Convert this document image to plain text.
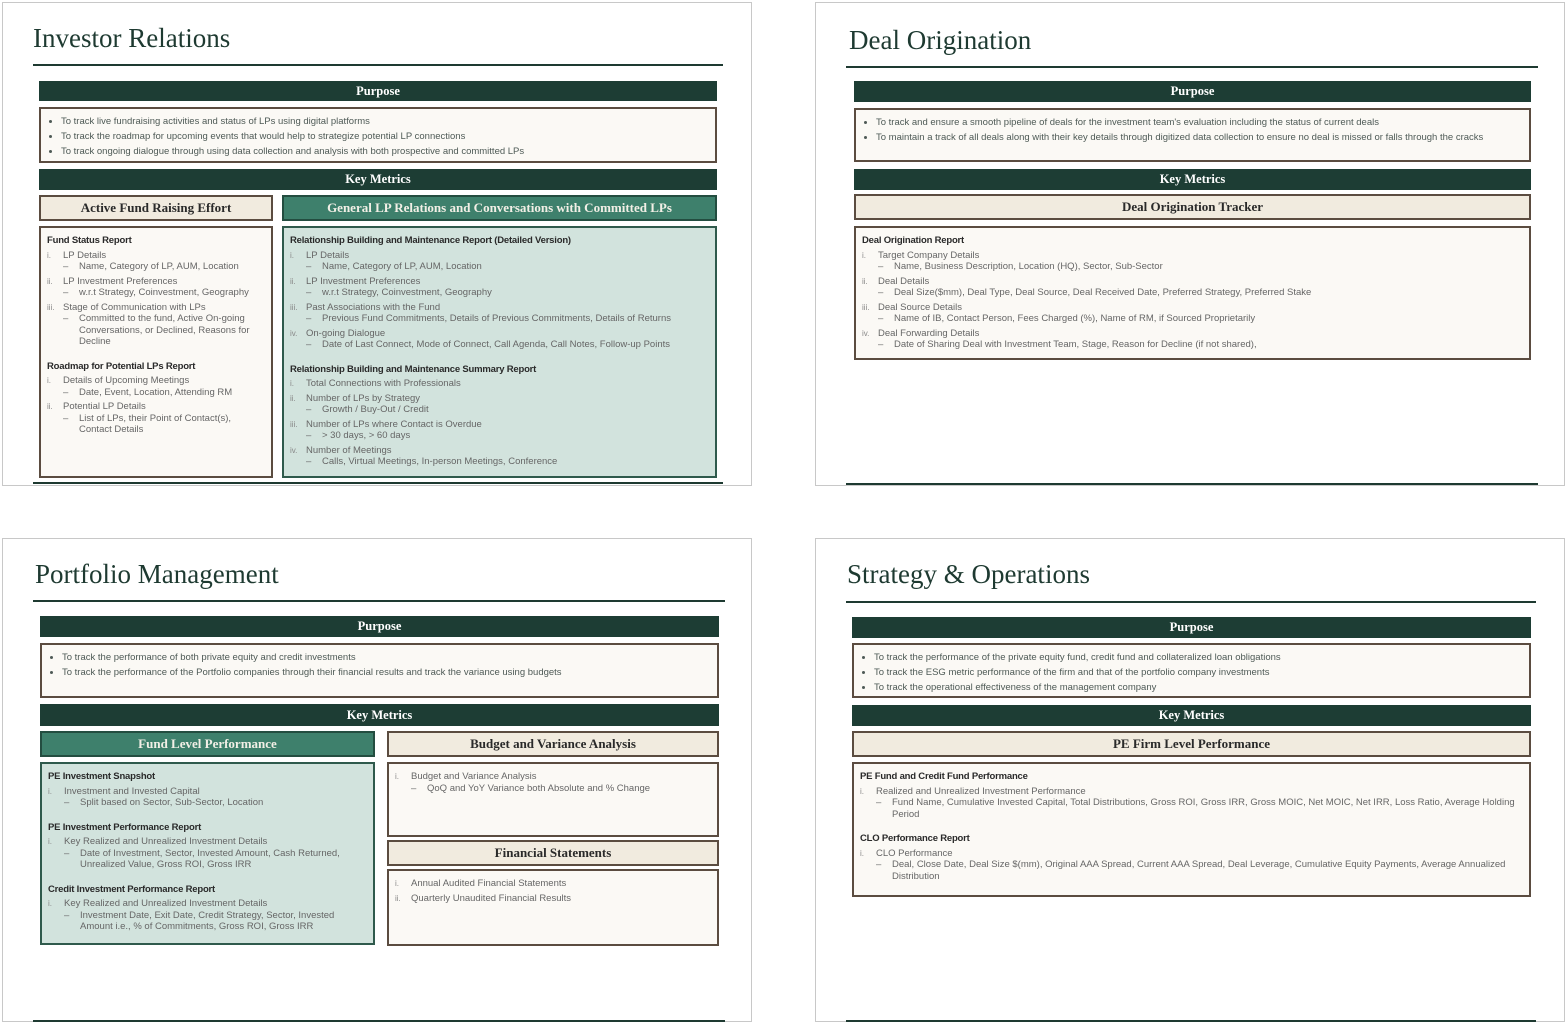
Investor Relations
Purpose
• To track live fundraising activities and status of LPs using digital platforms
• To track the roadmap for upcoming events that would help to strategize potential LP connections
• To track ongoing dialogue through using data collection and analysis with both prospective and committed LPs
Key Metrics
Active Fund Raising Effort
Fund Status Report
i.	LP Details
–	Name, Category of LP, AUM, Location
ii.	LP Investment Preferences
–	w.r.t Strategy, Coinvestment, Geography
iii. Stage of Communication with LPs
–	Committed to the fund, Active On-going Conversations, or Declined, Reasons for Decline
Roadmap for Potential LPs Report
i.	Details of Upcoming Meetings
–	Date, Event, Location, Attending RM
ii.	Potential LP Details
–	List of LPs, their Point of Contact(s), Contact Details
General LP Relations and Conversations with Committed LPs
Relationship Building and Maintenance Report (Detailed Version)
i.	LP Details
–	Name, Category of LP, AUM, Location
ii.	LP Investment Preferences
–	w.r.t Strategy, Coinvestment, Geography
iii. Past Associations with the Fund
–	Previous Fund Commitments, Details of Previous Commitments, Details of Returns
iv. On-going Dialogue
–	Date of Last Connect, Mode of Connect, Call Agenda, Call Notes, Follow-up Points
Relationship Building and Maintenance Summary Report
i.	Total Connections with Professionals
ii.	Number of LPs by Strategy
–	Growth / Buy-Out / Credit
iii. Number of LPs where Contact is Overdue
–	> 30 days, > 60 days
iv. Number of Meetings
–	Calls, Virtual Meetings, In-person Meetings, Conference
Deal Origination
Purpose
• To track and ensure a smooth pipeline of deals for the investment team's evaluation including the status of current deals
• To maintain a track of all deals along with their key details through digitized data collection to ensure no deal is missed or falls through the cracks
Key Metrics
Deal Origination Tracker
Deal Origination Report
i.	Target Company Details
–	Name, Business Description, Location (HQ), Sector, Sub-Sector
ii.	Deal Details
–	Deal Size($mm), Deal Type, Deal Source, Deal Received Date, Preferred Strategy, Preferred Stake
iii. Deal Source Details
–	Name of IB, Contact Person, Fees Charged (%), Name of RM, if Sourced Proprietarily
iv. Deal Forwarding Details
–	Date of Sharing Deal with Investment Team, Stage, Reason for Decline (if not shared),
Portfolio Management
Purpose
• To track the performance of both private equity and credit investments
• To track the performance of the Portfolio companies through their financial results and track the variance using budgets
Key Metrics
Fund Level Performance
PE Investment Snapshot
i.	Investment and Invested Capital
–	Split based on Sector, Sub-Sector, Location
PE Investment Performance Report
i.	Key Realized and Unrealized Investment Details
–	Date of Investment, Sector, Invested Amount, Cash Returned, Unrealized Value, Gross ROI, Gross IRR
Credit Investment Performance Report
i.	Key Realized and Unrealized Investment Details
–	Investment Date, Exit Date, Credit Strategy, Sector, Invested Amount i.e., % of Commitments, Gross ROI, Gross IRR
Budget and Variance Analysis
i.	Budget and Variance Analysis
–	QoQ and YoY Variance both Absolute and % Change
Financial Statements
i.	Annual Audited Financial Statements
ii.	Quarterly Unaudited Financial Results
Strategy & Operations
Purpose
• To track the performance of the private equity fund, credit fund and collateralized loan obligations
• To track the ESG metric performance of the firm and that of the portfolio company investments
• To track the operational effectiveness of the management company
Key Metrics
PE Firm Level Performance
PE Fund and Credit Fund Performance
i.	Realized and Unrealized Investment Performance
–	Fund Name, Cumulative Invested Capital, Total Distributions, Gross ROI, Gross IRR, Gross MOIC, Net MOIC, Net IRR, Loss Ratio, Average Holding Period
CLO Performance Report
i.	CLO Performance
–	Deal, Close Date, Deal Size $(mm), Original AAA Spread, Current AAA Spread, Deal Leverage, Cumulative Equity Payments, Average Annualized Distribution
